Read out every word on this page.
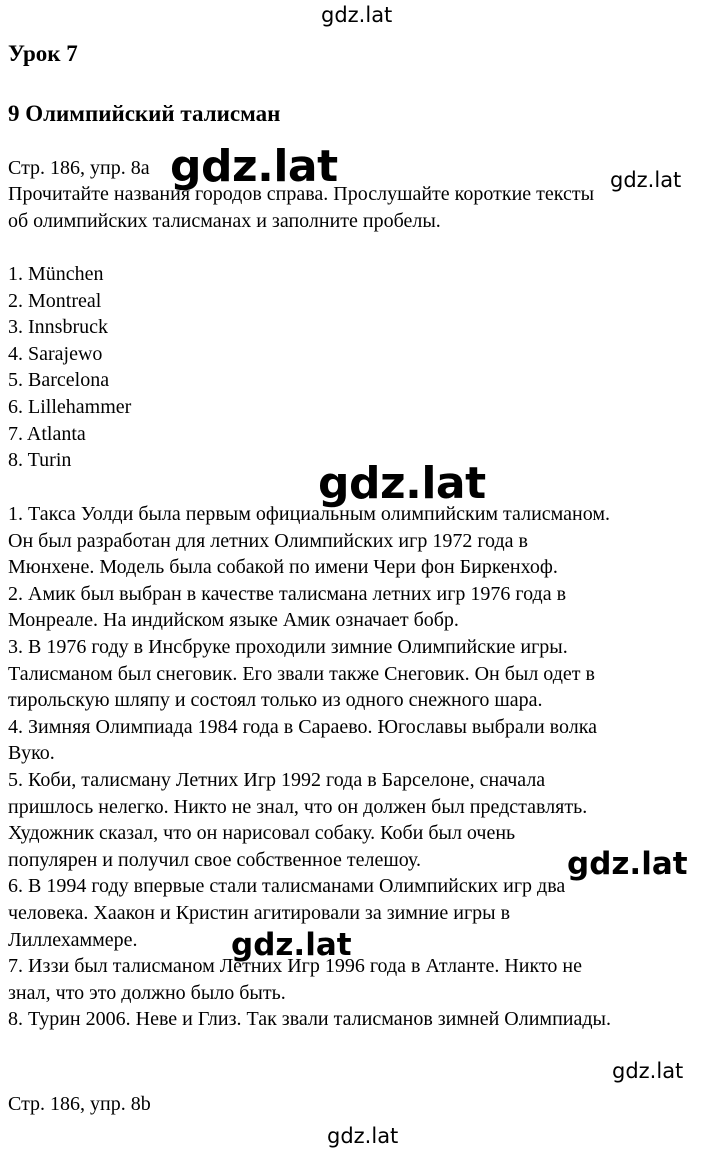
Урок 7
9 Олимпийский талисман
Стр. 186, упр. 8a
Прочитайте названия городов справа. Прослушайте короткие тексты
об олимпийских талисманах и заполните пробелы.
1. München
2. Montreal
3. Innsbruck
4. Sarajewo
5. Barcelona
6. Lillehammer
7. Atlanta
8. Turin
1. Такса Уолди была первым официальным олимпийским талисманом.
Он был разработан для летних Олимпийских игр 1972 года в
Мюнхене. Модель была собакой по имени Чери фон Биркенхоф.
2. Амик был выбран в качестве талисмана летних игр 1976 года в
Монреале. На индийском языке Амик означает бобр.
3. В 1976 году в Инсбруке проходили зимние Олимпийские игры.
Талисманом был снеговик. Его звали также Снеговик. Он был одет в
тирольскую шляпу и состоял только из одного снежного шара.
4. Зимняя Олимпиада 1984 года в Сараево. Югославы выбрали волка
Вуко.
5. Коби, талисману Летних Игр 1992 года в Барселоне, сначала
пришлось нелегко. Никто не знал, что он должен был представлять.
Художник сказал, что он нарисовал собаку. Коби был очень
популярен и получил свое собственное телешоу.
6. В 1994 году впервые стали талисманами Олимпийских игр два
человека. Хаакон и Кристин агитировали за зимние игры в
Лиллехаммере.
7. Иззи был талисманом Летних Игр 1996 года в Атланте. Никто не
знал, что это должно было быть.
8. Турин 2006. Неве и Глиз. Так звали талисманов зимней Олимпиады.
Стр. 186, упр. 8b
gdz.lat
gdz.lat	gdz.lat
gdz.lat
gdz.lat
gdz.lat
gdz.lat
gdz.lat
